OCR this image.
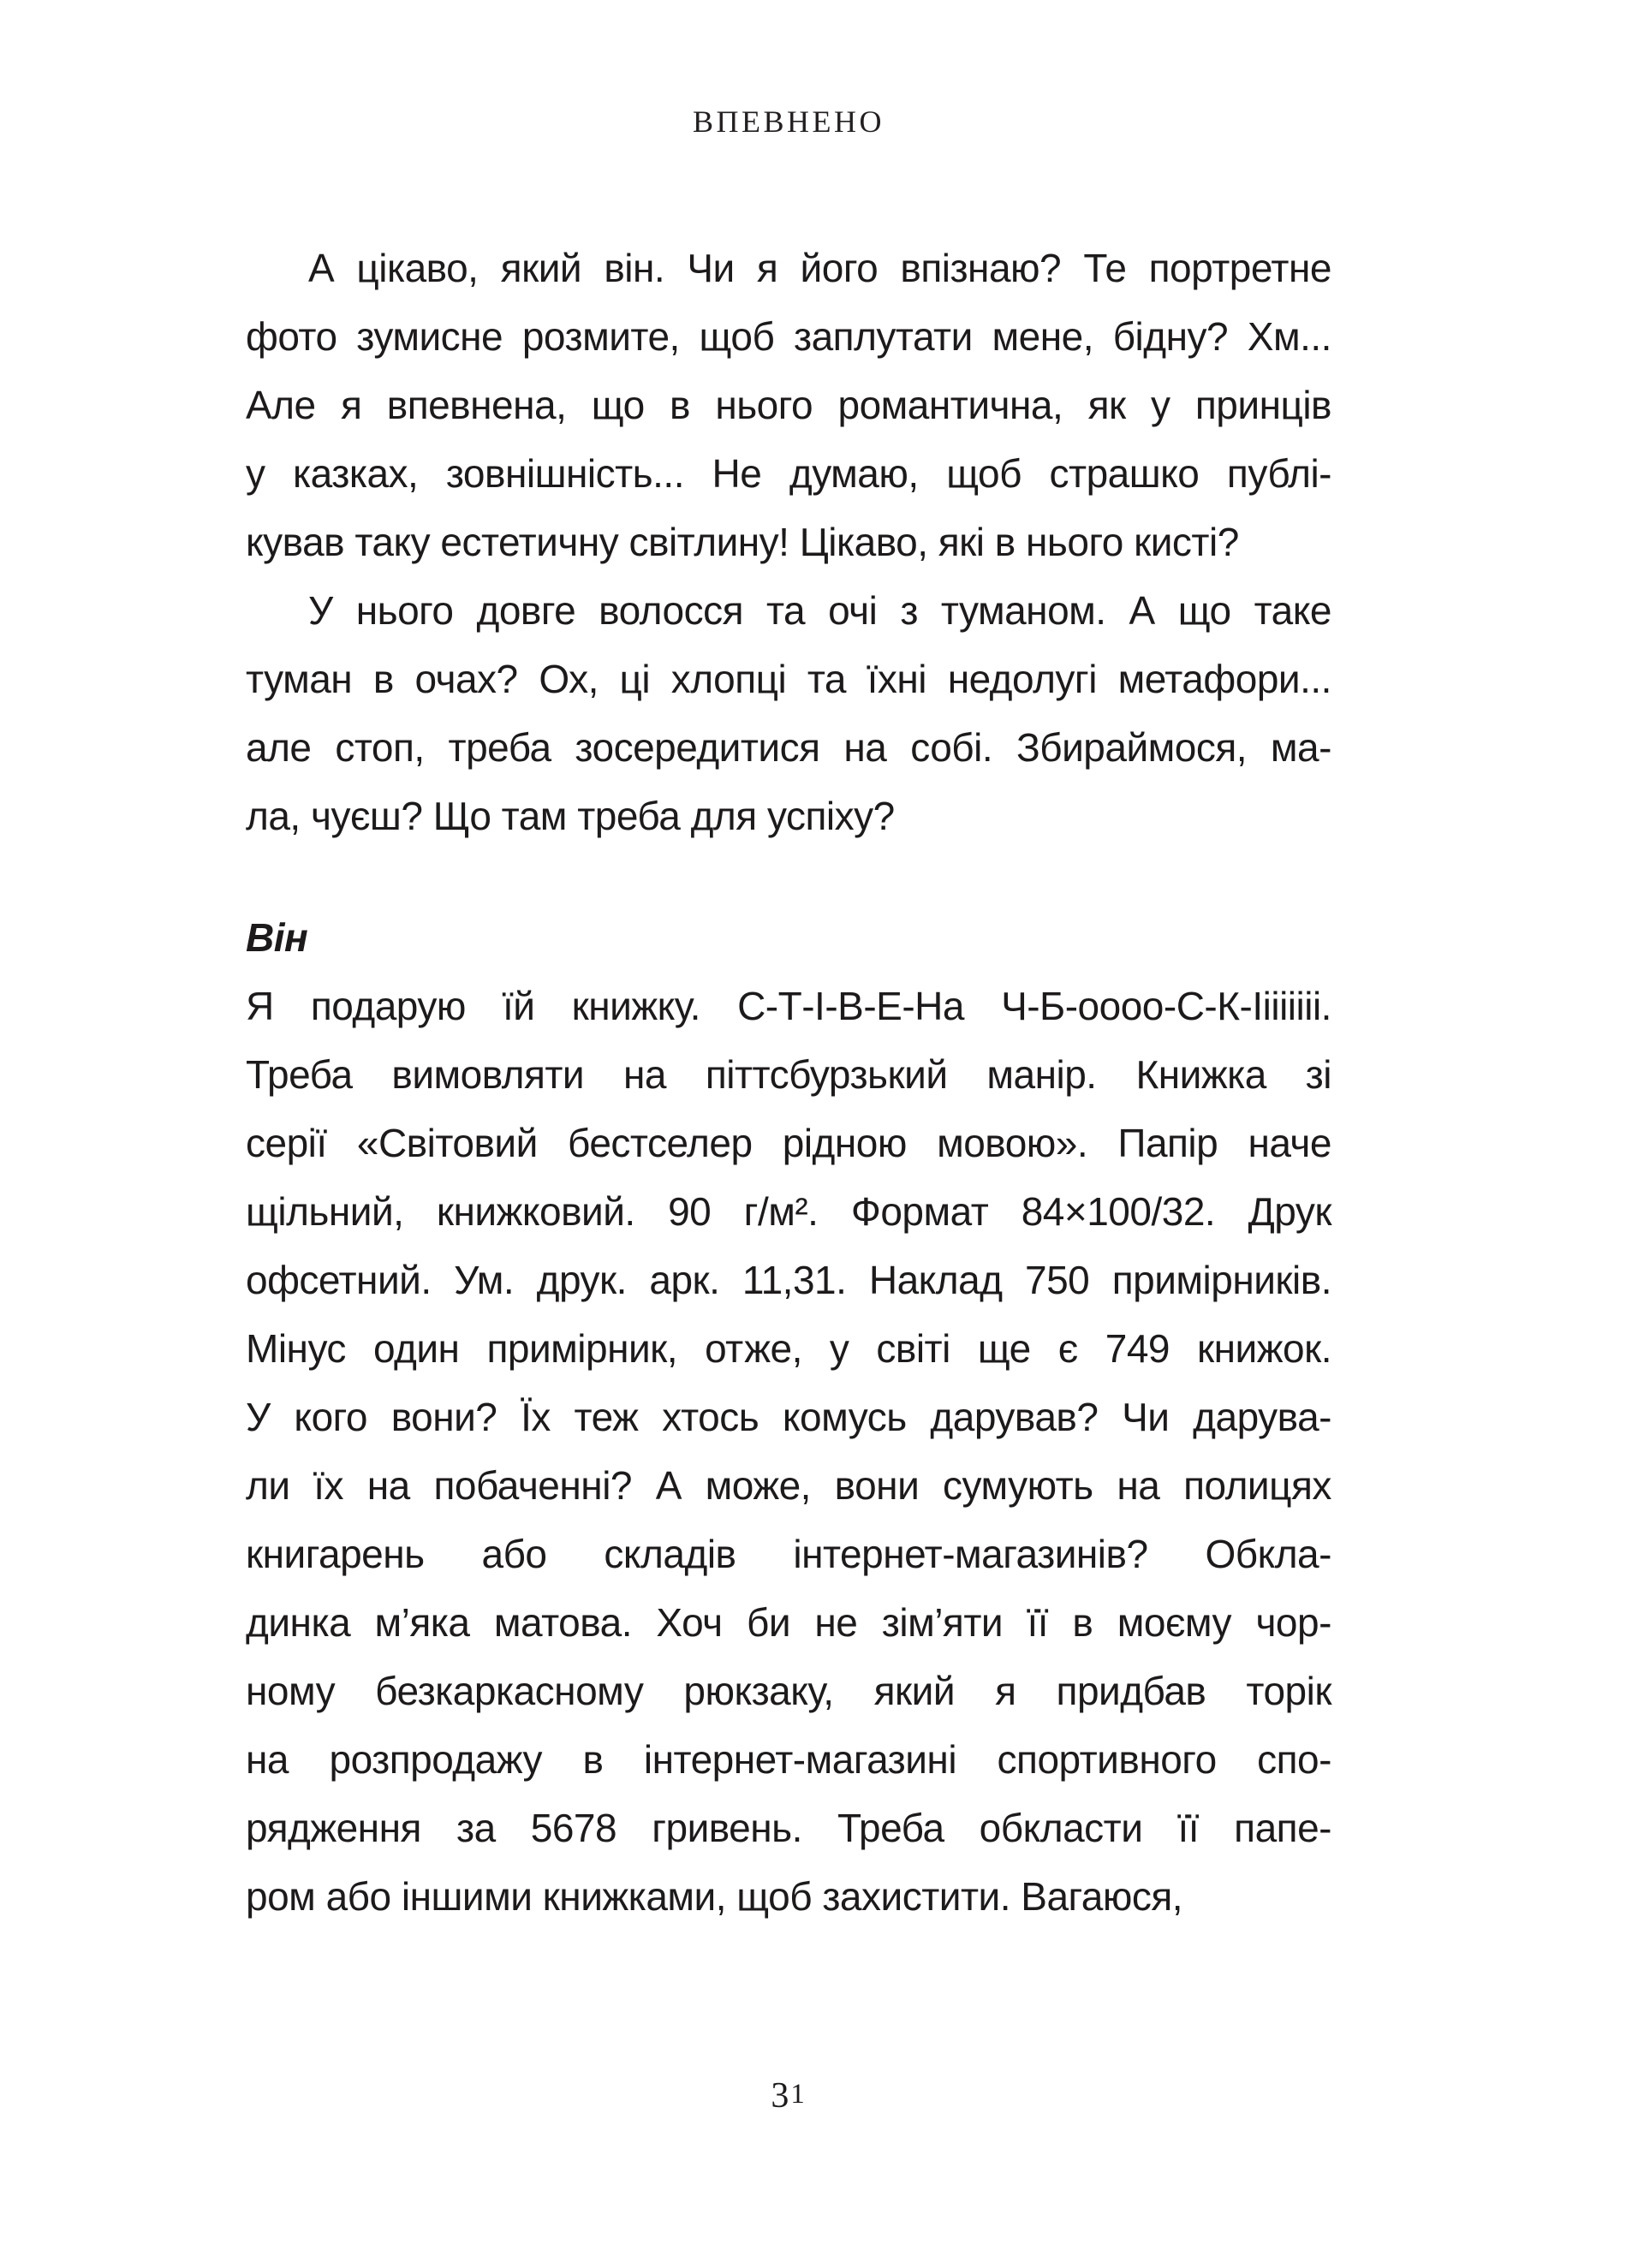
ВПЕВНЕНО
А цікаво, який він. Чи я його впізнаю? Те портретне
фото зумисне розмите, щоб заплутати мене, бідну? Хм...
Але я впевнена, що в нього романтична, як у принців
у казках, зовнішність... Не думаю, щоб страшко публі-
кував таку естетичну світлину! Цікаво, які в нього кисті?
У нього довге волосся та очі з туманом. А що таке
туман в очах? Ох, ці хлопці та їхні недолугі метафори...
але стоп, треба зосередитися на собі. Збираймося, ма-
ла, чуєш? Що там треба для успіху?
Він
Я подарую їй книжку. С-Т-І-В-Е-На Ч-Б-оооо-С-К-Іііііііі.
Треба вимовляти на піттсбурзький манір. Книжка зі
серії «Світовий бестселер рідною мовою». Папір наче
щільний, книжковий. 90 г/м². Формат 84×100/32. Друк
офсетний. Ум. друк. арк. 11,31. Наклад 750 примірників.
Мінус один примірник, отже, у світі ще є 749 книжок.
У кого вони? Їх теж хтось комусь дарував? Чи дарува-
ли їх на побаченні? А може, вони сумують на полицях
книгарень або складів інтернет-магазинів? Обкла-
динка м’яка матова. Хоч би не зім’яти її в моєму чор-
ному безкаркасному рюкзаку, який я придбав торік
на розпродажу в інтернет-магазині спортивного спо-
рядження за 5678 гривень. Треба обкласти її папе-
ром або іншими книжками, щоб захистити. Вагаюся,
31
